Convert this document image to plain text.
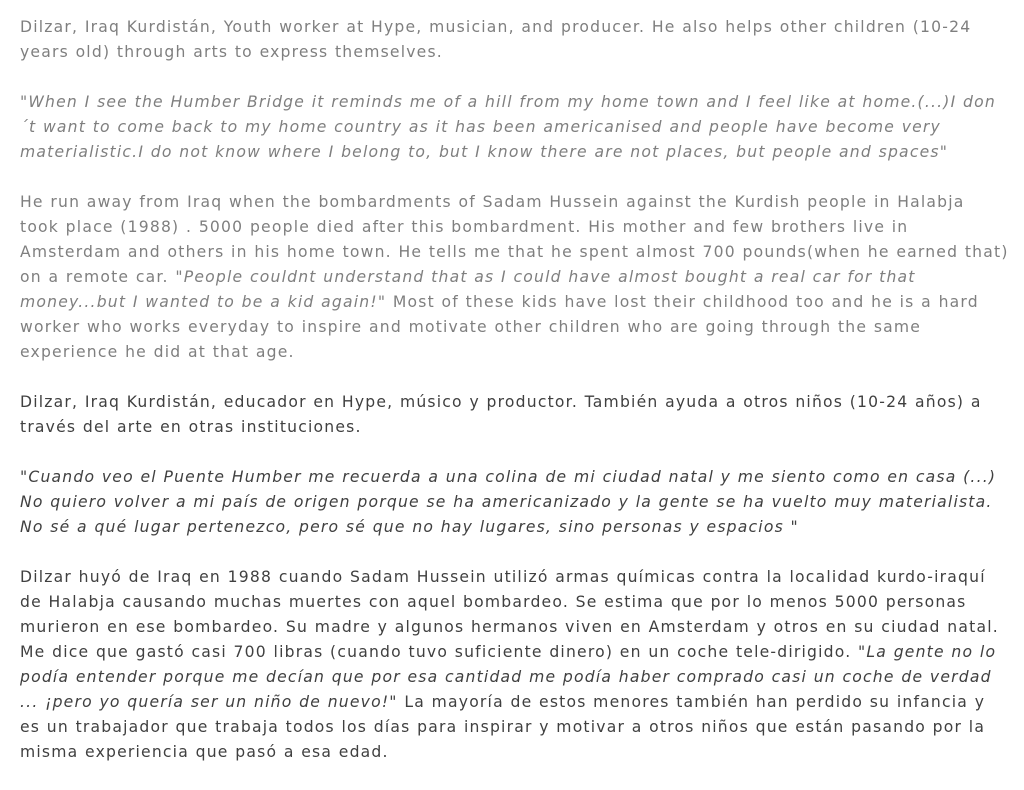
Dilzar, Iraq Kurdistán, Youth worker at Hype, musician, and producer. He also helps other children (10-24 years old) through arts to express themselves.

"When I see the Humber Bridge it reminds me of a hill from my home town and I feel like at home.(...)I don´t want to come back to my home country as it has been americanised and people have become very materialistic.I do not know where I belong to, but I know there are not places, but people and spaces"

He run away from Iraq when the bombardments of Sadam Hussein against the Kurdish people in Halabja took place (1988) . 5000 people died after this bombardment. His mother and few brothers live in Amsterdam and others in his home town. He tells me that he spent almost 700 pounds(when he earned that) on a remote car. "People couldnt understand that as I could have almost bought a real car for that money...but I wanted to be a kid again!" Most of these kids have lost their childhood too and he is a hard worker who works everyday to inspire and motivate other children who are going through the same experience he did at that age.

Dilzar, Iraq Kurdistán, educador en Hype, músico y productor. También ayuda a otros niños (10-24 años) a través del arte en otras instituciones.

"Cuando veo el Puente Humber me recuerda a una colina de mi ciudad natal y me siento como en casa (...) No quiero volver a mi país de origen porque se ha americanizado y la gente se ha vuelto muy materialista. No sé a qué lugar pertenezco, pero sé que no hay lugares, sino personas y espacios "

Dilzar huyó de Iraq en 1988 cuando Sadam Hussein utilizó armas químicas contra la localidad kurdo-iraquí de Halabja causando muchas muertes con aquel bombardeo. Se estima que por lo menos 5000 personas murieron en ese bombardeo. Su madre y algunos hermanos viven en Amsterdam y otros en su ciudad natal. Me dice que gastó casi 700 libras (cuando tuvo suficiente dinero) en un coche tele-dirigido. "La gente no lo podía entender porque me decían que por esa cantidad me podía haber comprado casi un coche de verdad ... ¡pero yo quería ser un niño de nuevo!" La mayoría de estos menores también han perdido su infancia y es un trabajador que trabaja todos los días para inspirar y motivar a otros niños que están pasando por la misma experiencia que pasó a esa edad.
